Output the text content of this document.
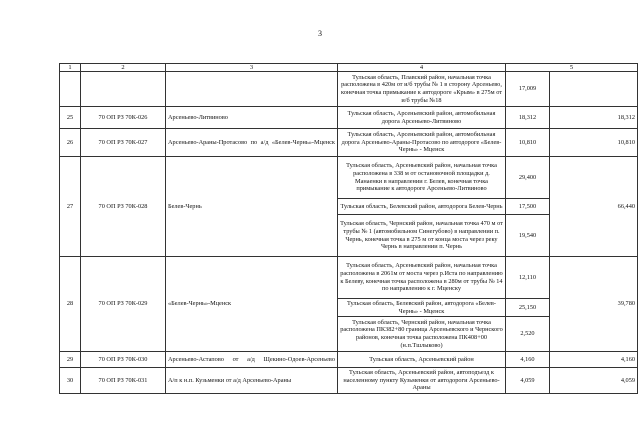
3
1	2	3	4	5	
			Тульская область, Плавский район, начальная точка расположена в 420м от и/б трубы № 1 в сторону Арсеньево, конечная точка примыкание к автодороге «Крым» в 275м от и/б трубы №18	17,009	
25	70 ОП РЗ 70К-026	Арсеньево-Литвиново	Тульская область, Арсеньевский район, автомобильная дорога Арсеньево-Литвиново	18,312	18,312
26	70 ОП РЗ 70К-027	Арсеньево-Араны-Протасово по а/д «Белев-Чернь»-Мценск	Тульская область, Арсеньевский район, автомобильная дорога Арсеньево-Араны-Протасово по автодороге «Белев-Чернь» - Мценск	10,810	10,810
27	70 ОП РЗ 70К-028	Белев-Чернь	Тульская область, Арсеньевский район, начальная точка расположена в 338 м от остановочной площадки д. Манаенки в направлении г. Белев, конечная точка примыкание к автодороге Арсеньево-Литвиново	29,400	66,440
			Тульская область, Белевский район, автодорога Белев-Чернь	17,500	
			Тульская область, Чернский район, начальная точка 470 м от трубы № 1 (автомобильном Синегубово) в направлении п. Чернь, конечная точка в 275 м от конца моста через реку Чернь в направлении п. Чернь	19,540	
28	70 ОП РЗ 70К-029	«Белев-Чернь»-Мценск	Тульская область, Арсеньевский район, начальная точка расположена в 2061м от моста через р.Иста по направлению к Белеву, конечная точка расположена в 280м от трубы № 14 по направлению к г. Мценску	12,110	39,780
			Тульская область, Белевский район, автодорога «Белев-Чернь» - Мценск	25,150	
			Тульская область, Чернский район, начальная точка расположена ПК382+80 граница Арсеньевского и Чернского районов, конечная точка расположена ПК408+00 (н.п.Тшлыково)	2,520	
29	70 ОП РЗ 70К-030	Арсеньево-Астапово от а/д Щекино-Одоев-Арсеньево	Тульская область, Арсеньевский район	4,160	4,160
30	70 ОП РЗ 70К-031	А/п к н.п. Кузьменки от а/д Арсеньево-Араны	Тульская область, Арсеньевский район, автоподъезд к населенному пункту Кузьменки от автодороги Арсеньево-Араны	4,059	4,059
